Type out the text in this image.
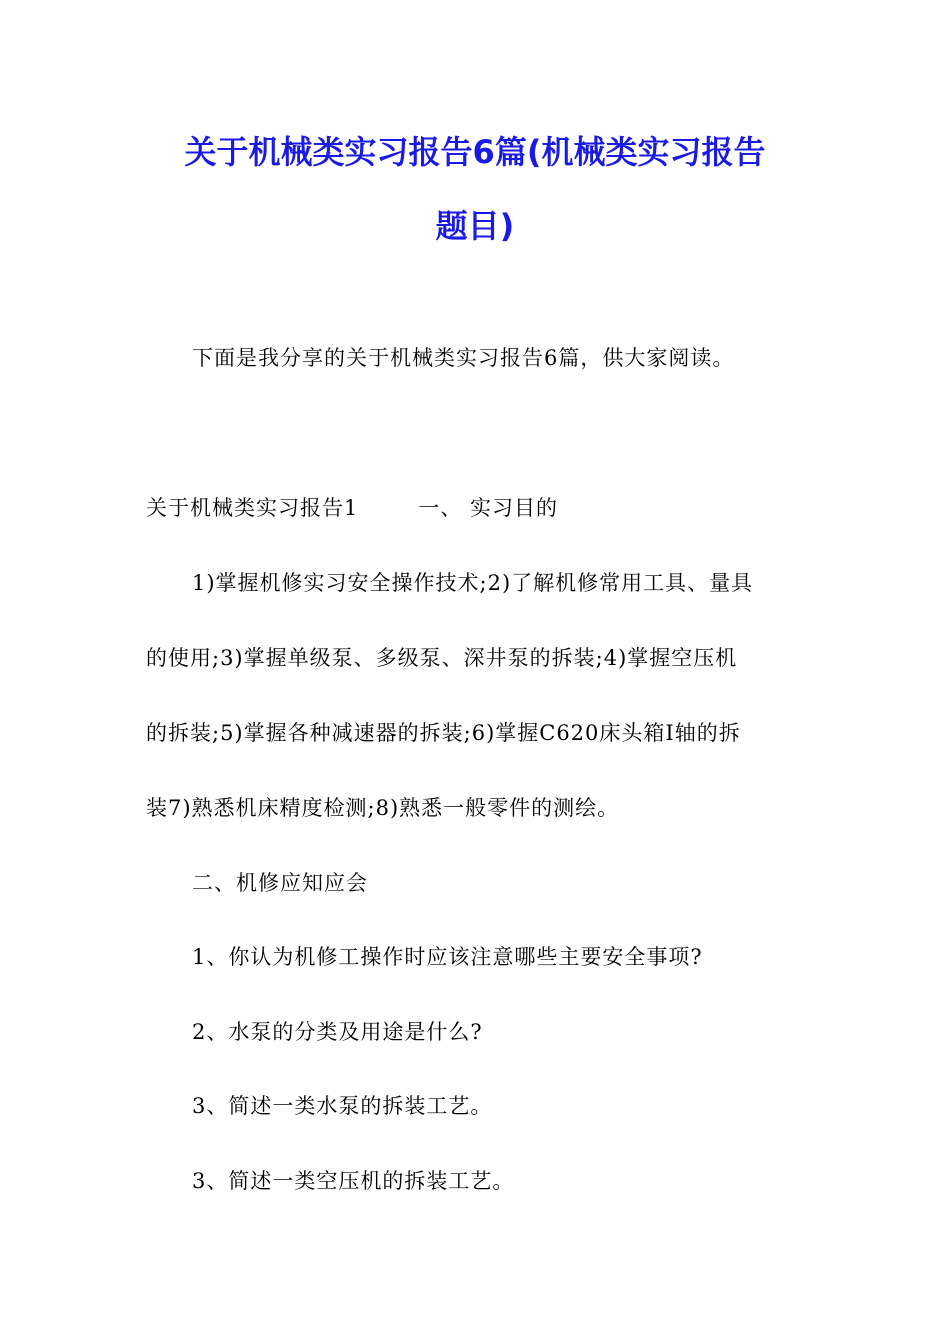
关于机械类实习报告6篇(机械类实习报告
题目)
下面是我分享的关于机械类实习报告6篇，供大家阅读。
关于机械类实习报告1	一、 实习目的
1)掌握机修实习安全操作技术;2)了解机修常用工具、量具
的使用;3)掌握单级泵、多级泵、深井泵的拆装;4)掌握空压机
的拆装;5)掌握各种减速器的拆装;6)掌握C620床头箱Ⅰ轴的拆
装7)熟悉机床精度检测;8)熟悉一般零件的测绘。
二、机修应知应会
1、你认为机修工操作时应该注意哪些主要安全事项?
2、水泵的分类及用途是什么?
3、简述一类水泵的拆装工艺。
3、简述一类空压机的拆装工艺。
